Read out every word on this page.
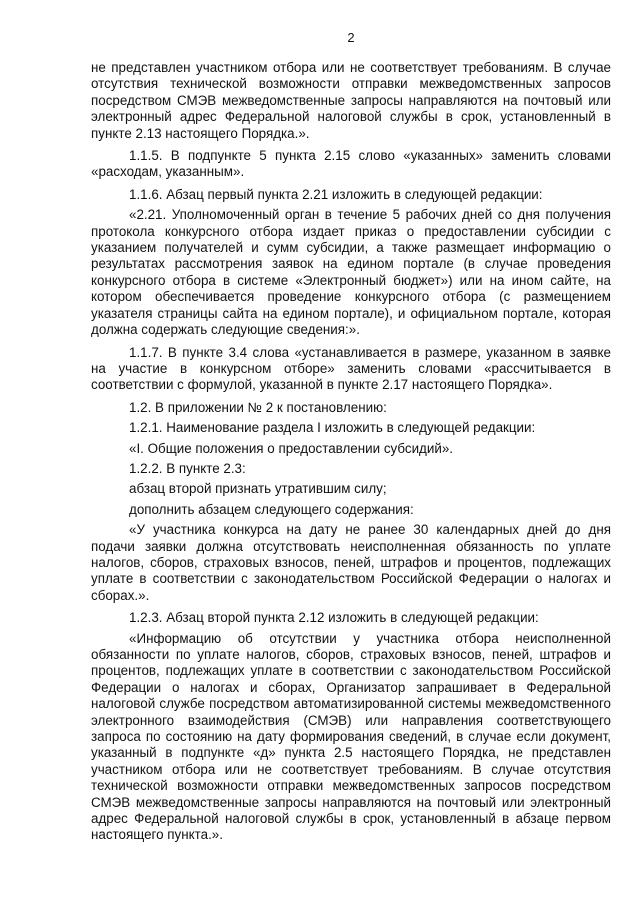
2

не представлен участником отбора или не соответствует требованиям. В случае отсутствия технической возможности отправки межведомственных запросов посредством СМЭВ межведомственные запросы направляются на почтовый или электронный адрес Федеральной налоговой службы в срок, установленный в пункте 2.13 настоящего Порядка.».

1.1.5. В подпункте 5 пункта 2.15 слово «указанных» заменить словами «расходам, указанным».

1.1.6. Абзац первый пункта 2.21 изложить в следующей редакции:

«2.21. Уполномоченный орган в течение 5 рабочих дней со дня получения протокола конкурсного отбора издает приказ о предоставлении субсидии с указанием получателей и сумм субсидии, а также размещает информацию о результатах рассмотрения заявок на едином портале (в случае проведения конкурсного отбора в системе «Электронный бюджет») или на ином сайте, на котором обеспечивается проведение конкурсного отбора (с размещением указателя страницы сайта на едином портале), и официальном портале, которая должна содержать следующие сведения:».

1.1.7. В пункте 3.4 слова «устанавливается в размере, указанном в заявке на участие в конкурсном отборе» заменить словами «рассчитывается в соответствии с формулой, указанной в пункте 2.17 настоящего Порядка».

1.2. В приложении № 2 к постановлению:

1.2.1. Наименование раздела I изложить в следующей редакции:

«I. Общие положения о предоставлении субсидий».

1.2.2. В пункте 2.3:

абзац второй признать утратившим силу;

дополнить абзацем следующего содержания:

«У участника конкурса на дату не ранее 30 календарных дней до дня подачи заявки должна отсутствовать неисполненная обязанность по уплате налогов, сборов, страховых взносов, пеней, штрафов и процентов, подлежащих уплате в соответствии с законодательством Российской Федерации о налогах и сборах.».

1.2.3. Абзац второй пункта 2.12 изложить в следующей редакции:

«Информацию об отсутствии у участника отбора неисполненной обязанности по уплате налогов, сборов, страховых взносов, пеней, штрафов и процентов, подлежащих уплате в соответствии с законодательством Российской Федерации о налогах и сборах, Организатор запрашивает в Федеральной налоговой службе посредством автоматизированной системы межведомственного электронного взаимодействия (СМЭВ) или направления соответствующего запроса по состоянию на дату формирования сведений, в случае если документ, указанный в подпункте «д» пункта 2.5 настоящего Порядка, не представлен участником отбора или не соответствует требованиям. В случае отсутствия технической возможности отправки межведомственных запросов посредством СМЭВ межведомственные запросы направляются на почтовый или электронный адрес Федеральной налоговой службы в срок, установленный в абзаце первом настоящего пункта.».
